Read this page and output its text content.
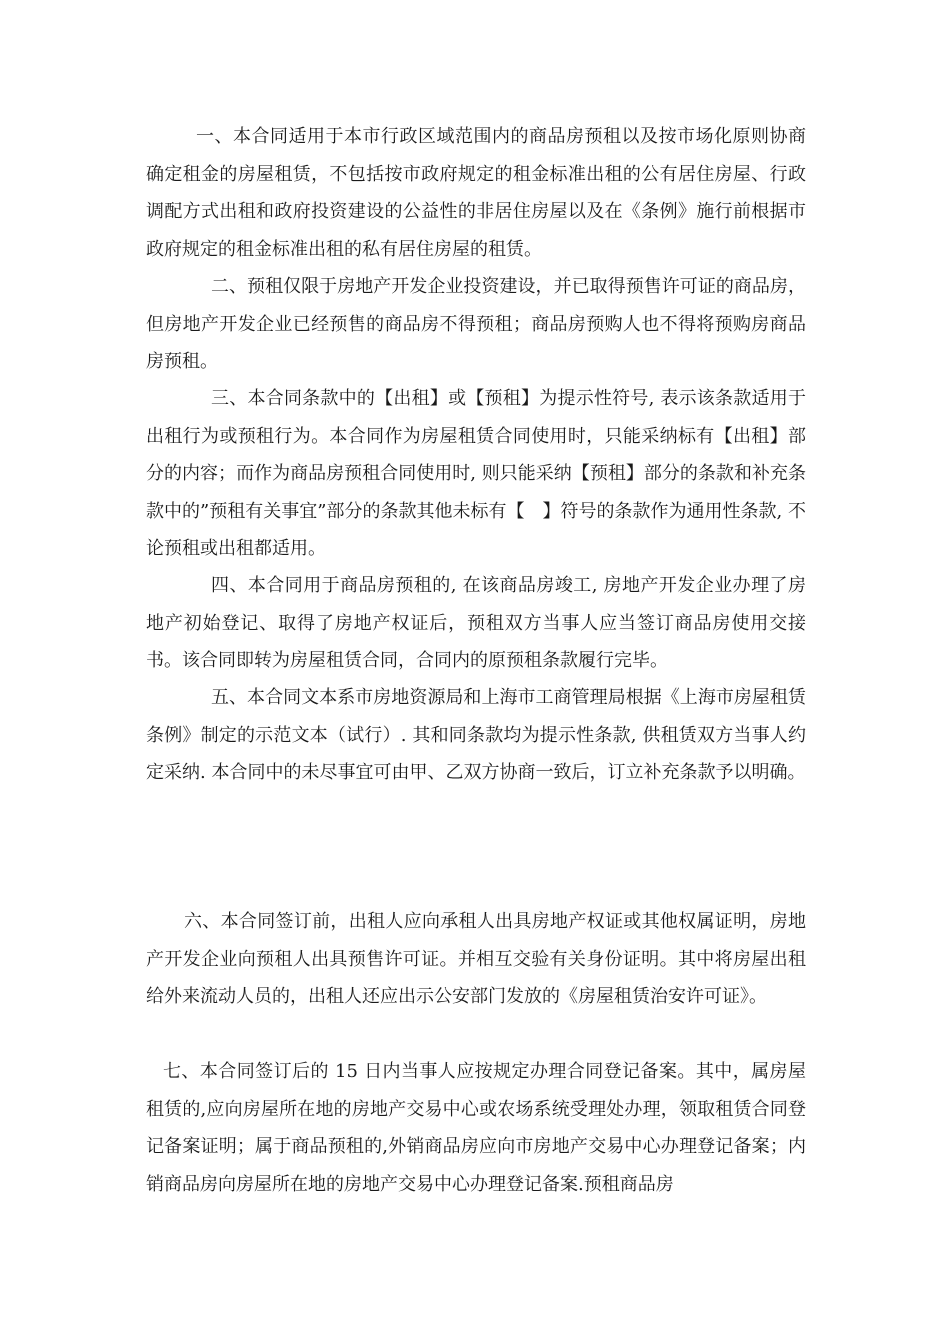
一、本合同适用于本市行政区域范围内的商品房预租以及按市场化原则协商确定租金的房屋租赁，不包括按市政府规定的租金标准出租的公有居住房屋、行政调配方式出租和政府投资建设的公益性的非居住房屋以及在《条例》施行前根据市政府规定的租金标准出租的私有居住房屋的租赁。

二、预租仅限于房地产开发企业投资建设，并已取得预售许可证的商品房，但房地产开发企业已经预售的商品房不得预租；商品房预购人也不得将预购房商品房预租。

三、本合同条款中的【出租】或【预租】为提示性符号, 表示该条款适用于出租行为或预租行为。本合同作为房屋租赁合同使用时，只能采纳标有【出租】部分的内容；而作为商品房预租合同使用时, 则只能采纳【预租】部分的条款和补充条款中的”预租有关事宜”部分的条款其他未标有【　】符号的条款作为通用性条款, 不论预租或出租都适用。

四、本合同用于商品房预租的, 在该商品房竣工, 房地产开发企业办理了房地产初始登记、取得了房地产权证后，预租双方当事人应当签订商品房使用交接书。该合同即转为房屋租赁合同，合同内的原预租条款履行完毕。

五、本合同文本系市房地资源局和上海市工商管理局根据《上海市房屋租赁条例》制定的示范文本（试行）. 其和同条款均为提示性条款, 供租赁双方当事人约定采纳. 本合同中的未尽事宜可由甲、乙双方协商一致后，订立补充条款予以明确。

六、本合同签订前，出租人应向承租人出具房地产权证或其他权属证明，房地产开发企业向预租人出具预售许可证。并相互交验有关身份证明。其中将房屋出租给外来流动人员的，出租人还应出示公安部门发放的《房屋租赁治安许可证》。

七、本合同签订后的 15 日内当事人应按规定办理合同登记备案。其中，属房屋租赁的,应向房屋所在地的房地产交易中心或农场系统受理处办理，领取租赁合同登记备案证明；属于商品预租的,外销商品房应向市房地产交易中心办理登记备案；内销商品房向房屋所在地的房地产交易中心办理登记备案.预租商品房
